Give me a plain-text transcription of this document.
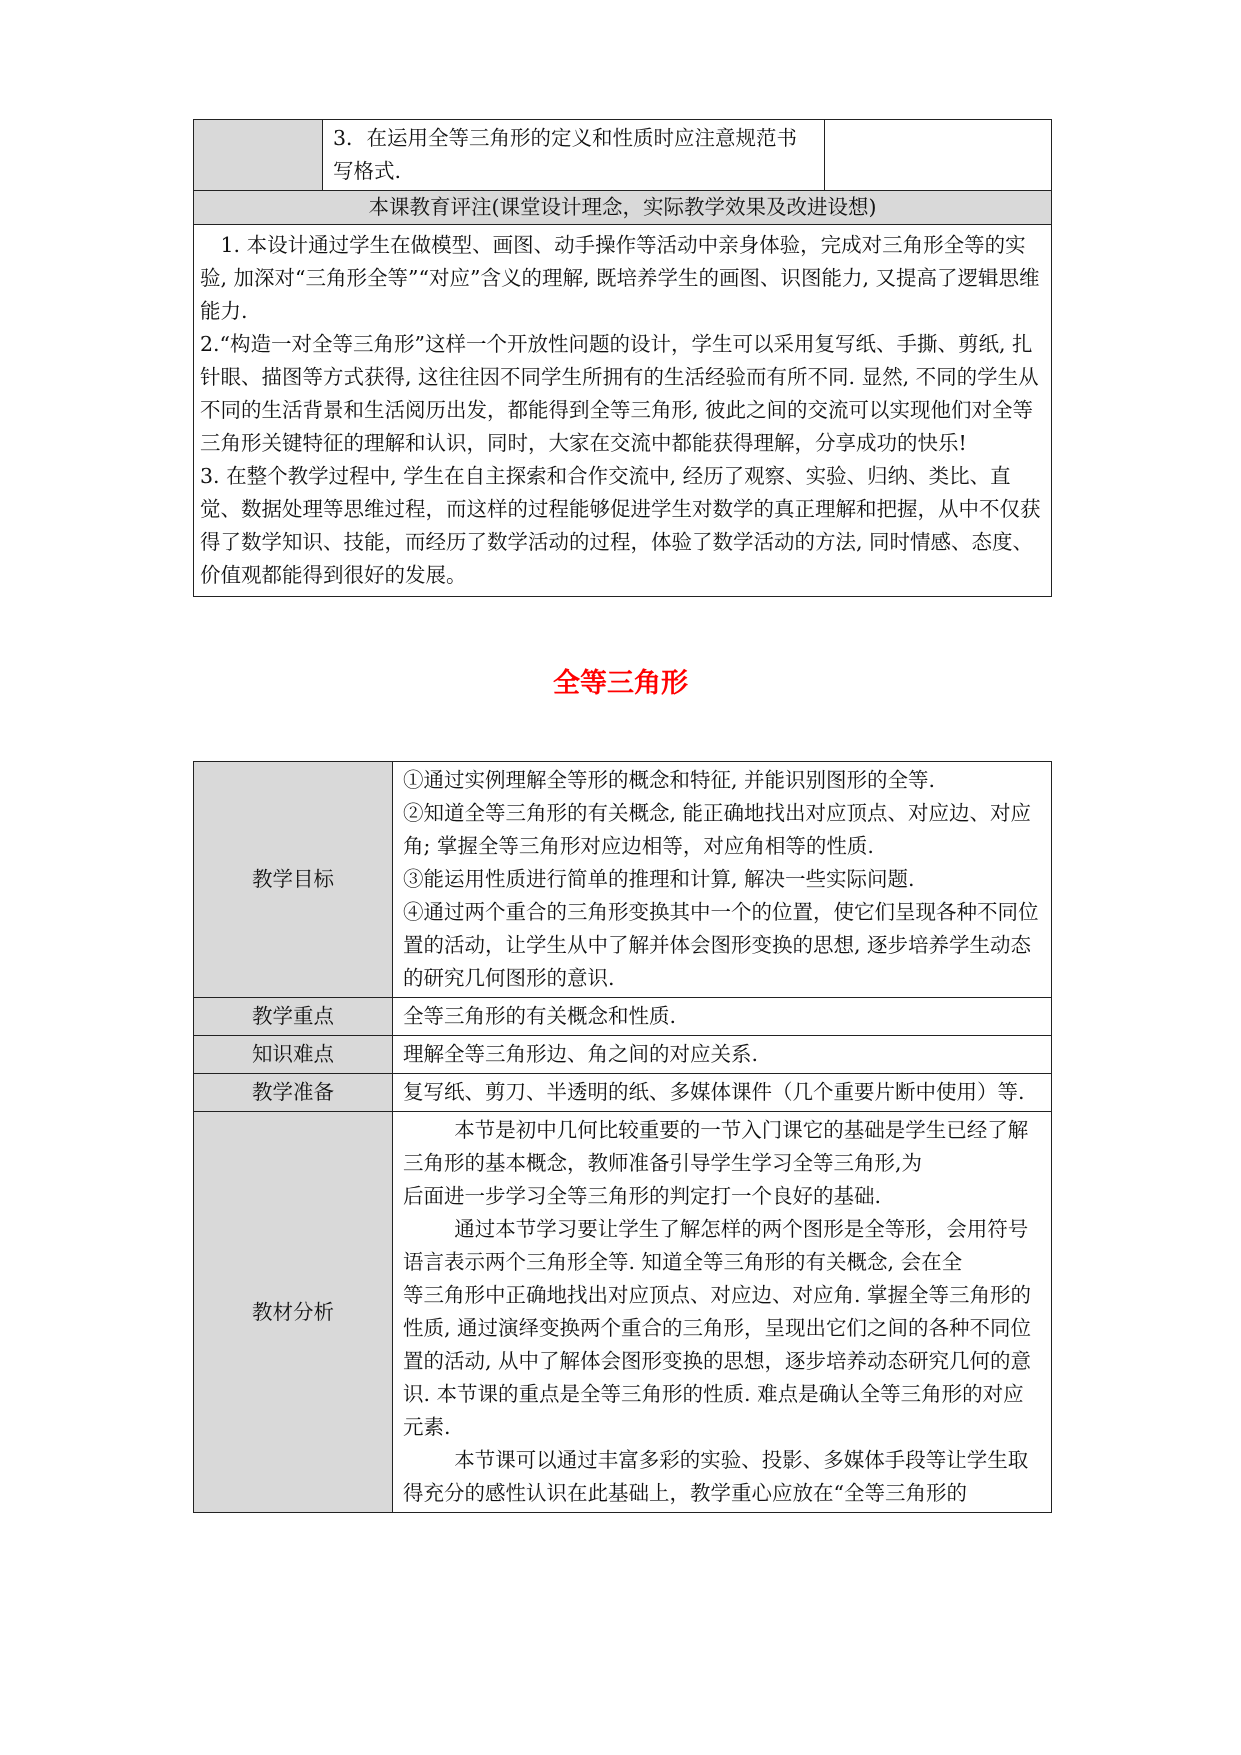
3．在运用全等三角形的定义和性质时应注意规范书写格式.

本课教育评注(课堂设计理念，实际教学效果及改进设想)

1. 本设计通过学生在做模型、画图、动手操作等活动中亲身体验，完成对三角形全等的实验, 加深对“三角形全等”“对应”含义的理解, 既培养学生的画图、识图能力, 又提高了逻辑思维能力.
2.“构造一对全等三角形”这样一个开放性问题的设计，学生可以采用复写纸、手撕、剪纸, 扎针眼、描图等方式获得, 这往往因不同学生所拥有的生活经验而有所不同. 显然, 不同的学生从不同的生活背景和生活阅历出发，都能得到全等三角形, 彼此之间的交流可以实现他们对全等三角形关键特征的理解和认识，同时，大家在交流中都能获得理解，分享成功的快乐!
3. 在整个教学过程中, 学生在自主探索和合作交流中, 经历了观察、实验、归纳、类比、直觉、数据处理等思维过程，而这样的过程能够促进学生对数学的真正理解和把握，从中不仅获得了数学知识、技能，而经历了数学活动的过程，体验了数学活动的方法, 同时情感、态度、价值观都能得到很好的发展。
全等三角形
教学目标	①通过实例理解全等形的概念和特征, 并能识别图形的全等.
②知道全等三角形的有关概念, 能正确地找出对应顶点、对应边、对应角; 掌握全等三角形对应边相等，对应角相等的性质.
③能运用性质进行简单的推理和计算, 解决一些实际问题.
④通过两个重合的三角形变换其中一个的位置，使它们呈现各种不同位置的活动，让学生从中了解并体会图形变换的思想, 逐步培养学生动态的研究几何图形的意识.

教学重点	全等三角形的有关概念和性质.
知识难点	理解全等三角形边、角之间的对应关系.
教学准备	复写纸、剪刀、半透明的纸、多媒体课件（几个重要片断中使用）等.
教材分析	本节是初中几何比较重要的一节入门课它的基础是学生已经了解三角形的基本概念，教师准备引导学生学习全等三角形,为
后面进一步学习全等三角形的判定打一个良好的基础.
通过本节学习要让学生了解怎样的两个图形是全等形，会用符号语言表示两个三角形全等. 知道全等三角形的有关概念, 会在全
等三角形中正确地找出对应顶点、对应边、对应角. 掌握全等三角形的性质, 通过演绎变换两个重合的三角形，呈现出它们之间的各种不同位置的活动, 从中了解体会图形变换的思想，逐步培养动态研究几何的意识. 本节课的重点是全等三角形的性质. 难点是确认全等三角形的对应元素.
本节课可以通过丰富多彩的实验、投影、多媒体手段等让学生取得充分的感性认识在此基础上，教学重心应放在“全等三角形的
